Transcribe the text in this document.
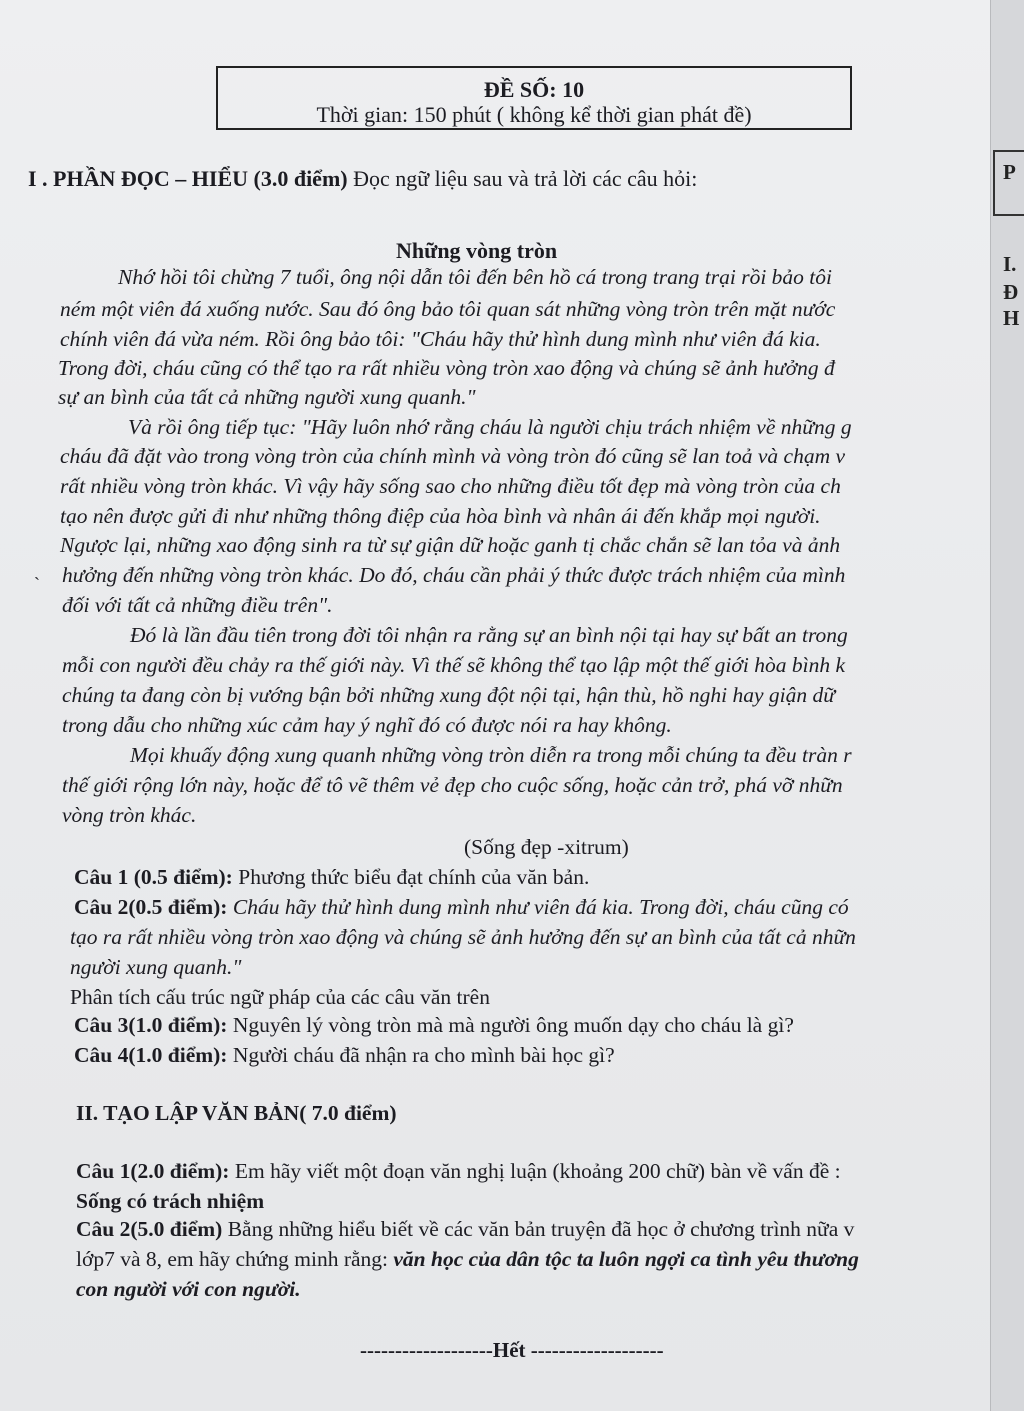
ĐỀ SỐ: 10
Thời gian: 150 phút ( không kể thời gian phát đề)
I . PHẦN ĐỌC – HIỂU (3.0 điểm) Đọc ngữ liệu sau và trả lời các câu hỏi:
Những vòng tròn
Nhớ hồi tôi chừng 7 tuổi, ông nội dẫn tôi đến bên hồ cá trong trang trại rồi bảo tôi
ném một viên đá xuống nước. Sau đó ông bảo tôi quan sát những vòng tròn trên mặt nước
chính viên đá vừa ném. Rồi ông bảo tôi: "Cháu hãy thử hình dung mình như viên đá kia.
Trong đời, cháu cũng có thể tạo ra rất nhiều vòng tròn xao động và chúng sẽ ảnh hưởng đ
sự an bình của tất cả những người xung quanh."
Và rồi ông tiếp tục: "Hãy luôn nhớ rằng cháu là người chịu trách nhiệm về những g
cháu đã đặt vào trong vòng tròn của chính mình và vòng tròn đó cũng sẽ lan toả và chạm v
rất nhiều vòng tròn khác. Vì vậy hãy sống sao cho những điều tốt đẹp mà vòng tròn của ch
tạo nên được gửi đi như những thông điệp của hòa bình và nhân ái đến khắp mọi người.
Ngược lại, những xao động sinh ra từ sự giận dữ hoặc ganh tị chắc chắn sẽ lan tỏa và ảnh
hưởng đến những vòng tròn khác. Do đó, cháu cần phải ý thức được trách nhiệm của mình
đối với tất cả những điều trên".
Đó là lần đầu tiên trong đời tôi nhận ra rằng sự an bình nội tại hay sự bất an trong
mỗi con người đều chảy ra thế giới này. Vì thế sẽ không thể tạo lập một thế giới hòa bình k
chúng ta đang còn bị vướng bận bởi những xung đột nội tại, hận thù, hồ nghi hay giận dữ
trong dẫu cho những xúc cảm hay ý nghĩ đó có được nói ra hay không.
Mọi khuấy động xung quanh những vòng tròn diễn ra trong mỗi chúng ta đều tràn r
thế giới rộng lớn này, hoặc để tô vẽ thêm vẻ đẹp cho cuộc sống, hoặc cản trở, phá vỡ nhữn
vòng tròn khác.
`
(Sống đẹp -xitrum)
Câu 1 (0.5 điểm): Phương thức biểu đạt chính của văn bản.
Câu 2(0.5 điểm): Cháu hãy thử hình dung mình như viên đá kia. Trong đời, cháu cũng có
tạo ra rất nhiều vòng tròn xao động và chúng sẽ ảnh hưởng đến sự an bình của tất cả nhữn
người xung quanh."
Phân tích cấu trúc ngữ pháp của các câu văn trên
Câu 3(1.0 điểm): Nguyên lý vòng tròn mà mà người ông muốn dạy cho cháu là gì?
Câu 4(1.0 điểm): Người cháu đã nhận ra cho mình bài học gì?
II. TẠO LẬP VĂN BẢN( 7.0 điểm)
Câu 1(2.0 điểm): Em hãy viết một đoạn văn nghị luận (khoảng 200 chữ) bàn về vấn đề :
Sống có trách nhiệm
Câu 2(5.0 điểm) Bằng những hiểu biết về các văn bản truyện đã học ở chương trình nữa v
lớp7 và 8, em hãy chứng minh rằng: văn học của dân tộc ta luôn ngợi ca tình yêu thương
con người với con người.
-------------------Hết -------------------
P
I.
Đ
H
